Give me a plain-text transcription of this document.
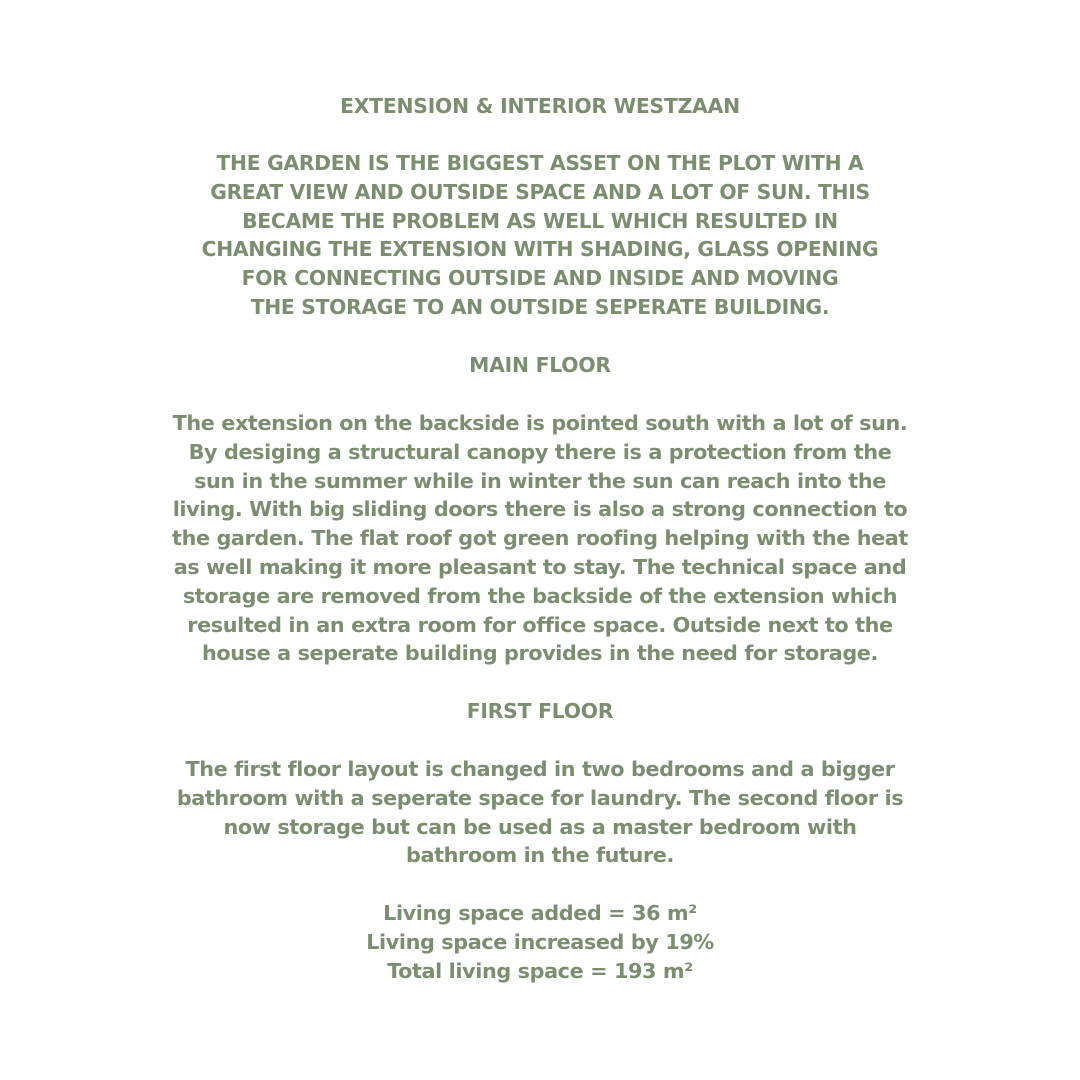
EXTENSION & INTERIOR WESTZAAN
THE GARDEN IS THE BIGGEST ASSET ON THE PLOT WITH A
GREAT VIEW AND OUTSIDE SPACE AND A LOT OF SUN. THIS
BECAME THE PROBLEM AS WELL WHICH RESULTED IN
CHANGING THE EXTENSION WITH SHADING, GLASS OPENING
FOR CONNECTING OUTSIDE AND INSIDE AND MOVING
THE STORAGE TO AN OUTSIDE SEPERATE BUILDING.
MAIN FLOOR
The extension on the backside is pointed south with a lot of sun.
By desiging a structural canopy there is a protection from the
sun in the summer while in winter the sun can reach into the
living. With big sliding doors there is also a strong connection to
the garden. The flat roof got green roofing helping with the heat
as well making it more pleasant to stay. The technical space and
storage are removed from the backside of the extension which
resulted in an extra room for office space. Outside next to the
house a seperate building provides in the need for storage.
FIRST FLOOR
The first floor layout is changed in two bedrooms and a bigger
bathroom with a seperate space for laundry. The second floor is
now storage but can be used as a master bedroom with
bathroom in the future.
Living space added = 36 m²
Living space increased by 19%
Total living space = 193 m²
